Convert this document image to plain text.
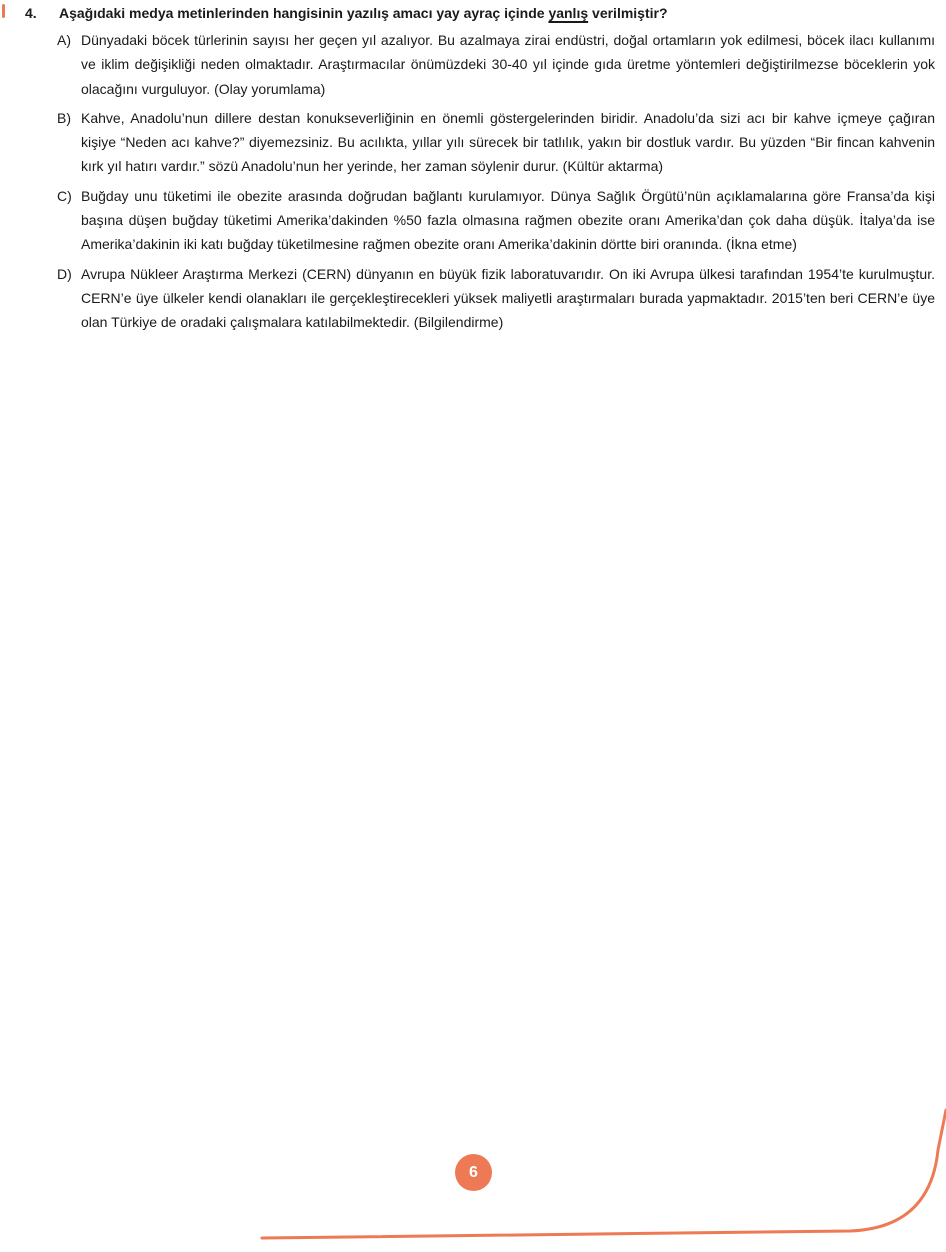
4.	Aşağıdaki medya metinlerinden hangisinin yazılış amacı yay ayraç içinde yanlış verilmiştir?
A) Dünyadaki böcek türlerinin sayısı her geçen yıl azalıyor. Bu azalmaya zirai endüstri, doğal ortamların yok edilmesi, böcek ilacı kullanımı ve iklim değişikliği neden olmaktadır. Araştırmacılar önümüzdeki 30-40 yıl içinde gıda üretme yöntemleri değiştirilmezse böceklerin yok olacağını vurguluyor. (Olay yorumlama)
B) Kahve, Anadolu’nun dillere destan konukseverliğinin en önemli göstergelerinden biridir. Anadolu’da sizi acı bir kahve içmeye çağıran kişiye “Neden acı kahve?” diyemezsiniz. Bu acılıkta, yıllar yılı sürecek bir tatlılık, yakın bir dostluk vardır. Bu yüzden “Bir fincan kahvenin kırk yıl hatırı vardır.” sözü Anadolu’nun her yerinde, her zaman söylenir durur. (Kültür aktarma)
C) Buğday unu tüketimi ile obezite arasında doğrudan bağlantı kurulamıyor. Dünya Sağlık Örgütü’nün açıklamalarına göre Fransa’da kişi başına düşen buğday tüketimi Amerika’dakinden %50 fazla olmasına rağmen obezite oranı Amerika’dan çok daha düşük. İtalya’da ise Amerika’dakinin iki katı buğday tüketilmesine rağmen obezite oranı Amerika’dakinin dörtte biri oranında. (İkna etme)
D) Avrupa Nükleer Araştırma Merkezi (CERN) dünyanın en büyük fizik laboratuvarıdır. On iki Avrupa ülkesi tarafından 1954’te kurulmuştur. CERN’e üye ülkeler kendi olanakları ile gerçekleştirecekleri yüksek maliyetli araştırmaları burada yapmaktadır. 2015’ten beri CERN’e üye olan Türkiye de oradaki çalışmalara katılabilmektedir. (Bilgilendirme)
6
